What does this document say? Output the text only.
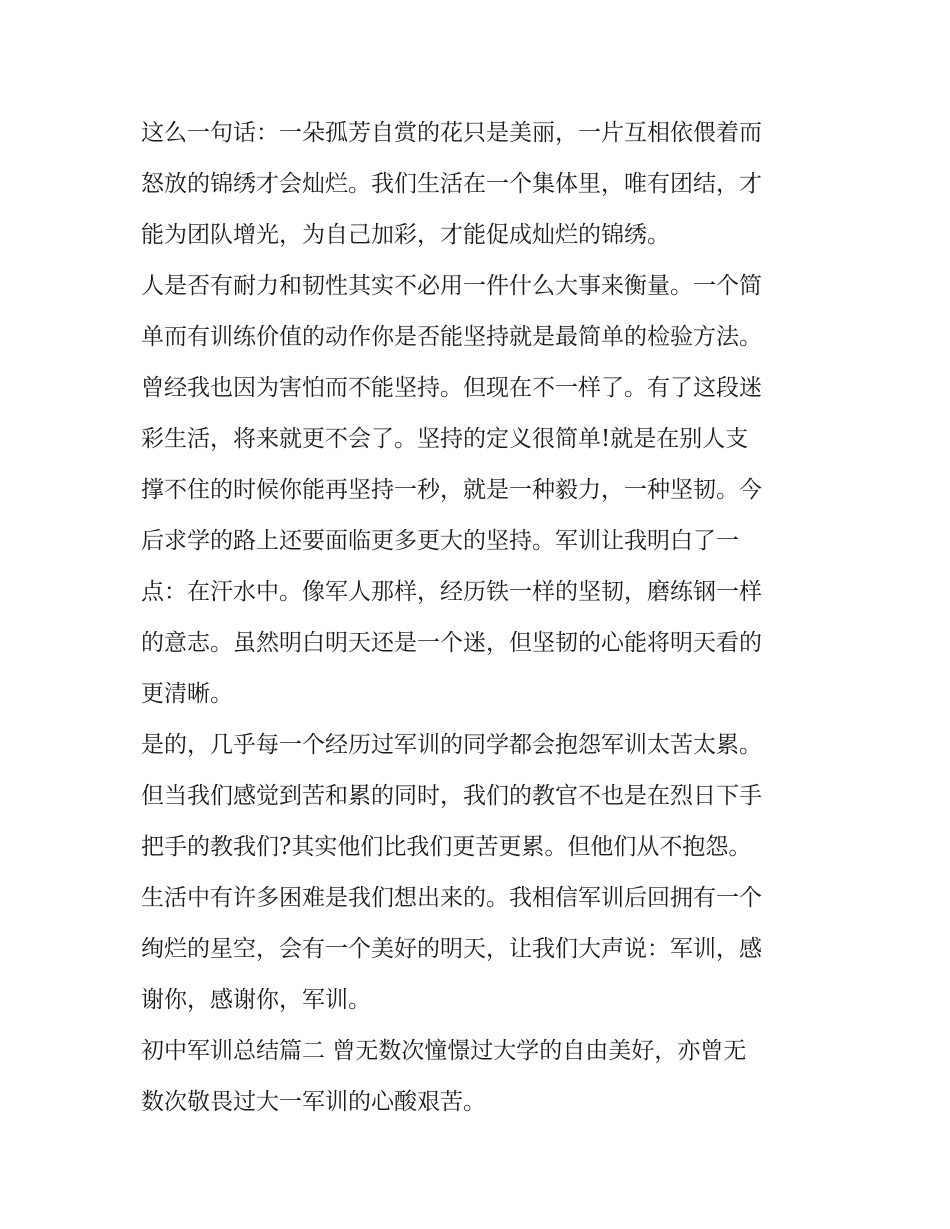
这么一句话：一朵孤芳自赏的花只是美丽，一片互相依偎着而
怒放的锦绣才会灿烂。我们生活在一个集体里，唯有团结，才
能为团队增光，为自己加彩，才能促成灿烂的锦绣。
人是否有耐力和韧性其实不必用一件什么大事来衡量。一个简
单而有训练价值的动作你是否能坚持就是最简单的检验方法。
曾经我也因为害怕而不能坚持。但现在不一样了。有了这段迷
彩生活，将来就更不会了。坚持的定义很简单!就是在别人支
撑不住的时候你能再坚持一秒，就是一种毅力，一种坚韧。今
后求学的路上还要面临更多更大的坚持。军训让我明白了一
点：在汗水中。像军人那样，经历铁一样的坚韧，磨练钢一样
的意志。虽然明白明天还是一个迷，但坚韧的心能将明天看的
更清晰。
是的，几乎每一个经历过军训的同学都会抱怨军训太苦太累。
但当我们感觉到苦和累的同时，我们的教官不也是在烈日下手
把手的教我们?其实他们比我们更苦更累。但他们从不抱怨。
生活中有许多困难是我们想出来的。我相信军训后回拥有一个
绚烂的星空，会有一个美好的明天，让我们大声说：军训，感
谢你，感谢你，军训。
初中军训总结篇二 曾无数次憧憬过大学的自由美好，亦曾无
数次敬畏过大一军训的心酸艰苦。
